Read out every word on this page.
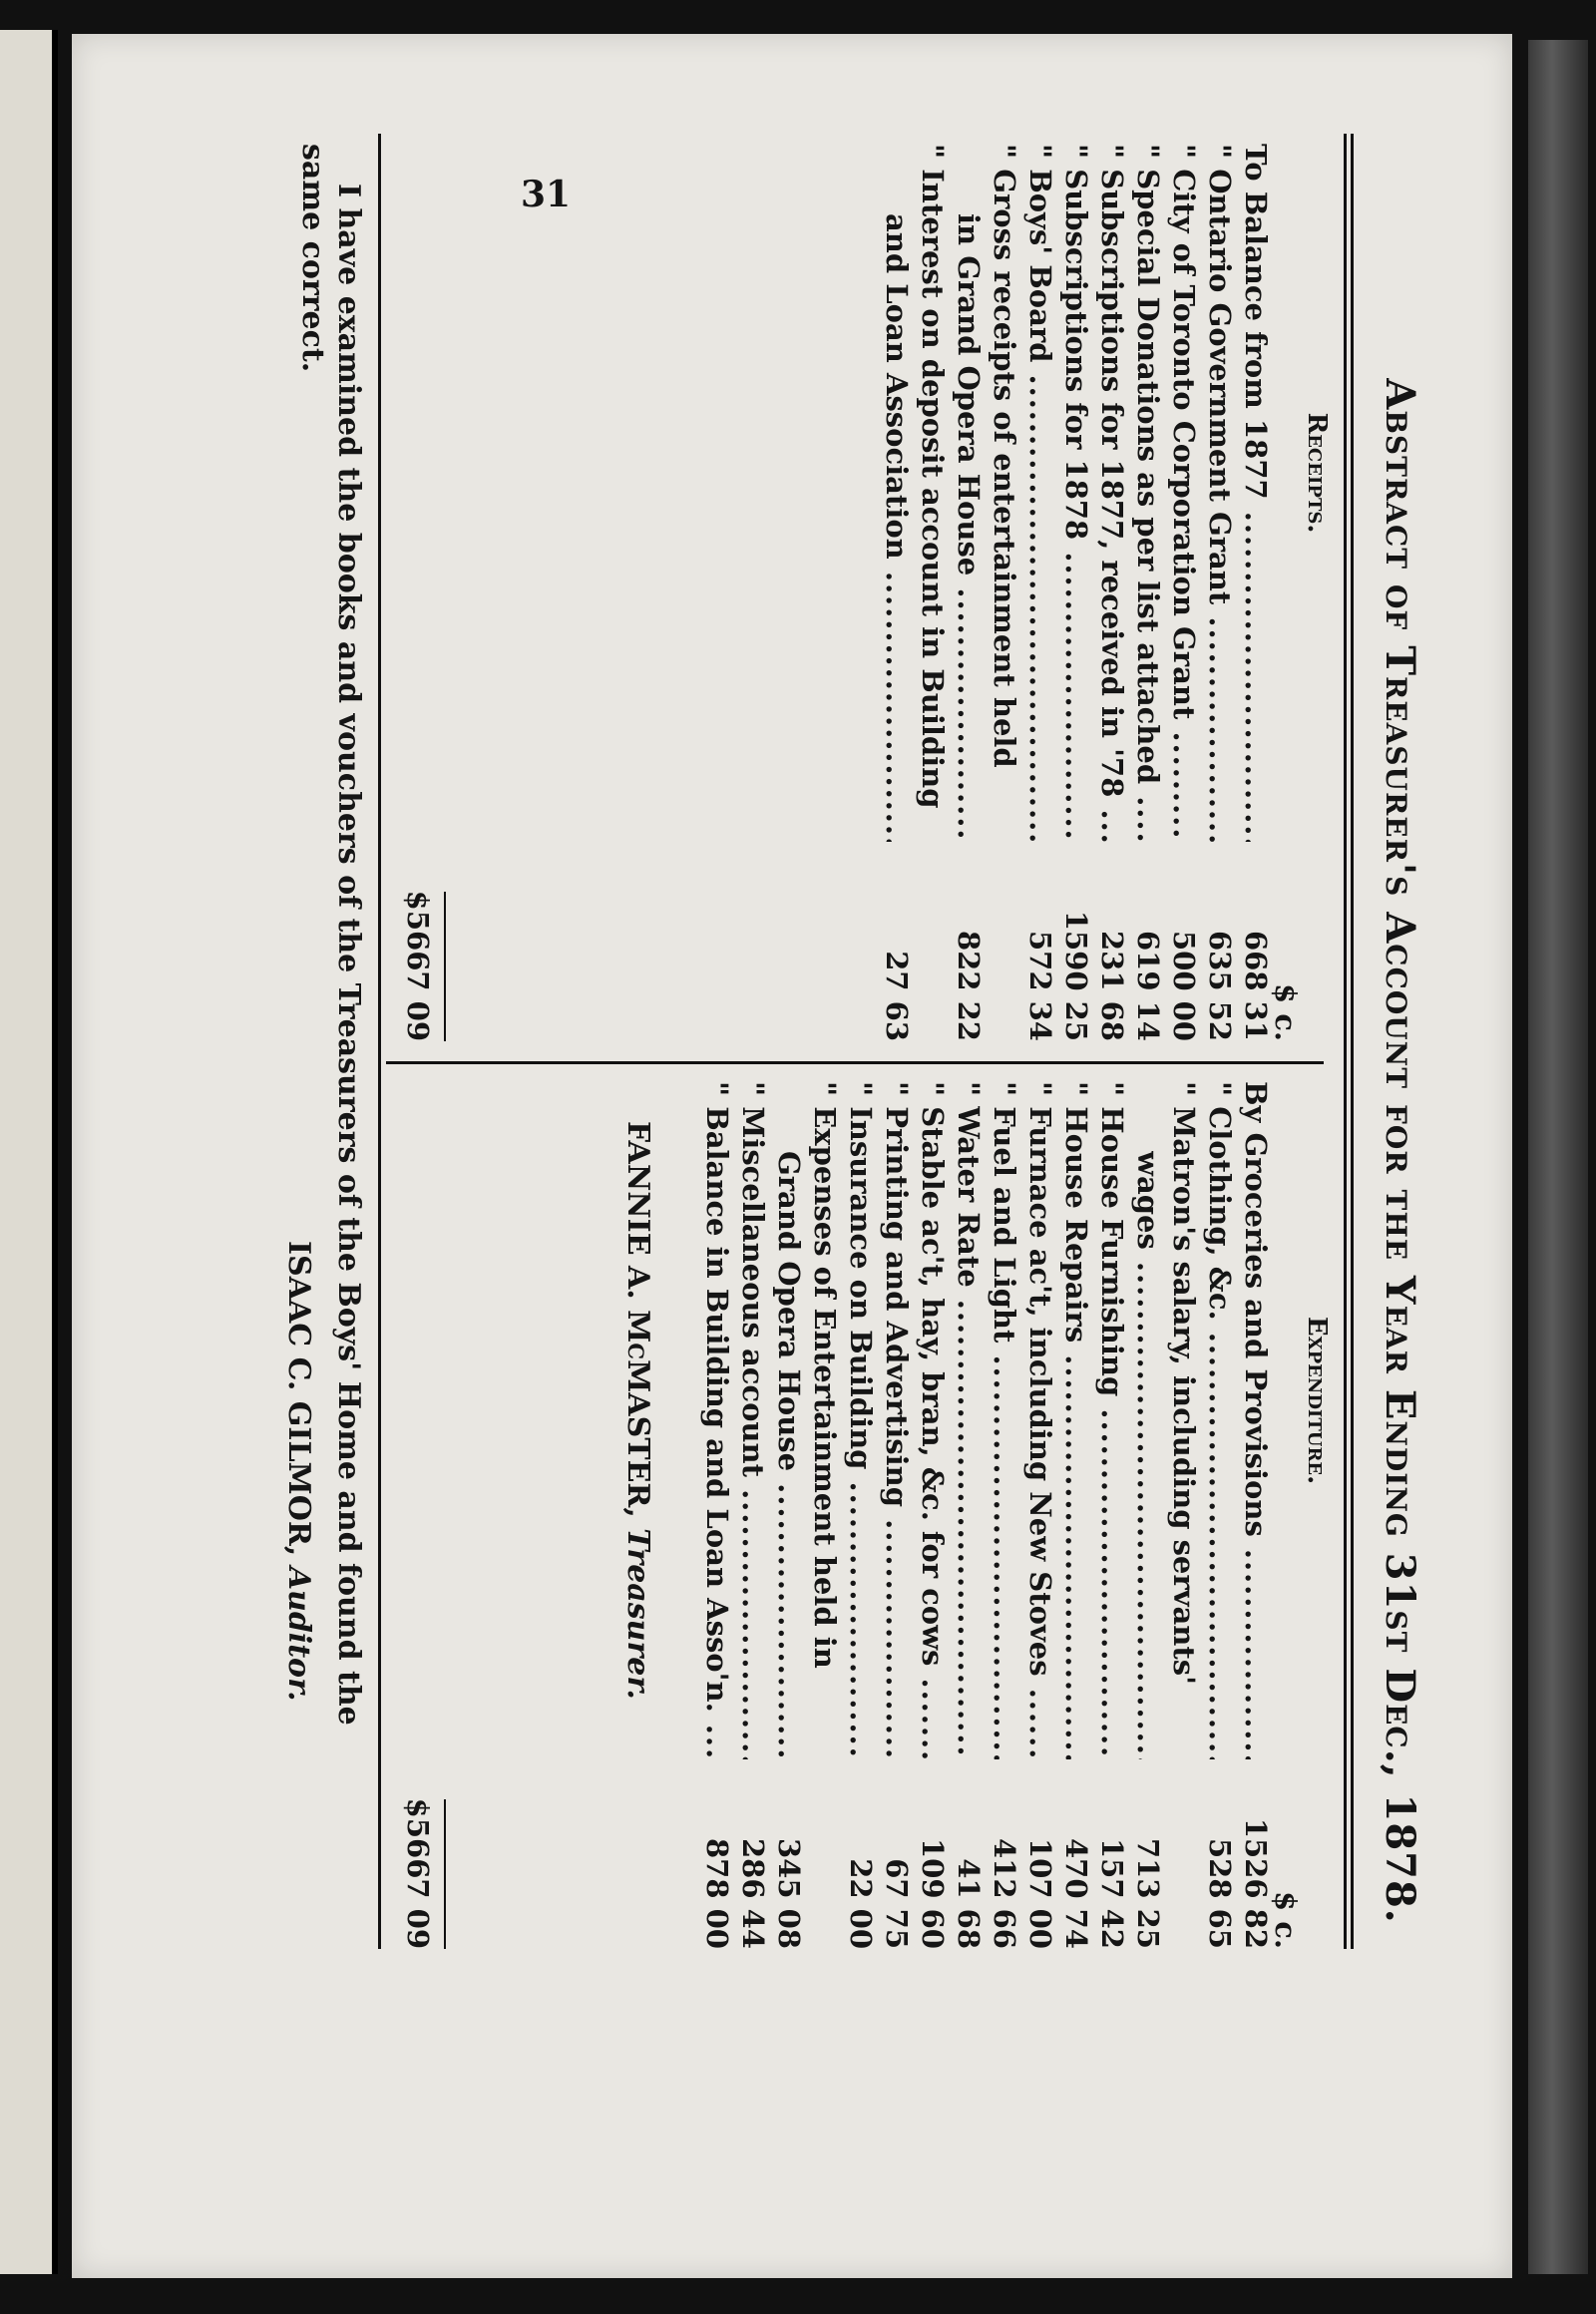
Abstract of Treasurer's Account for the Year Ending 31st Dec., 1878.
Receipts.
$ c.
To Balance from 1877 .....
668 31
" Ontario Government Grant .....
635 52
" City of Toronto Corporation Grant .....
500 00
" Special Donations as per list attached .....
619 14
" Subscriptions for 1877, received in '78 .....
231 68
" Subscriptions for 1878 .....
1590 25
" Boys' Board .....
572 34
" Gross receipts of entertainment held
in Grand Opera House .....
822 22
" Interest on deposit account in Building
and Loan Association .....
27 63
$5667 09
Expenditure.
$ c.
By Groceries and Provisions .....
1526 82
" Clothing, &c. .....
528 65
" Matron's salary, including servants'
wages .....
713 25
" House Furnishing .....
157 42
" House Repairs .....
470 74
" Furnace ac't, including New Stoves .....
107 00
" Fuel and Light .....
412 66
" Water Rate .....
41 68
" Stable ac't, hay, bran, &c. for cows .....
109 60
" Printing and Advertising .....
67 75
" Insurance on Building .....
22 00
" Expenses of Entertainment held in
Grand Opera House .....
345 08
" Miscellaneous account .....
286 44
" Balance in Building and Loan Asso'n. .....
878 00
$5667 09
FANNIE A. McMASTER, Treasurer.
I have examined the books and vouchers of the Treasurers of the Boys' Home and found the
same correct.
ISAAC C. GILMOR, Auditor.
31
